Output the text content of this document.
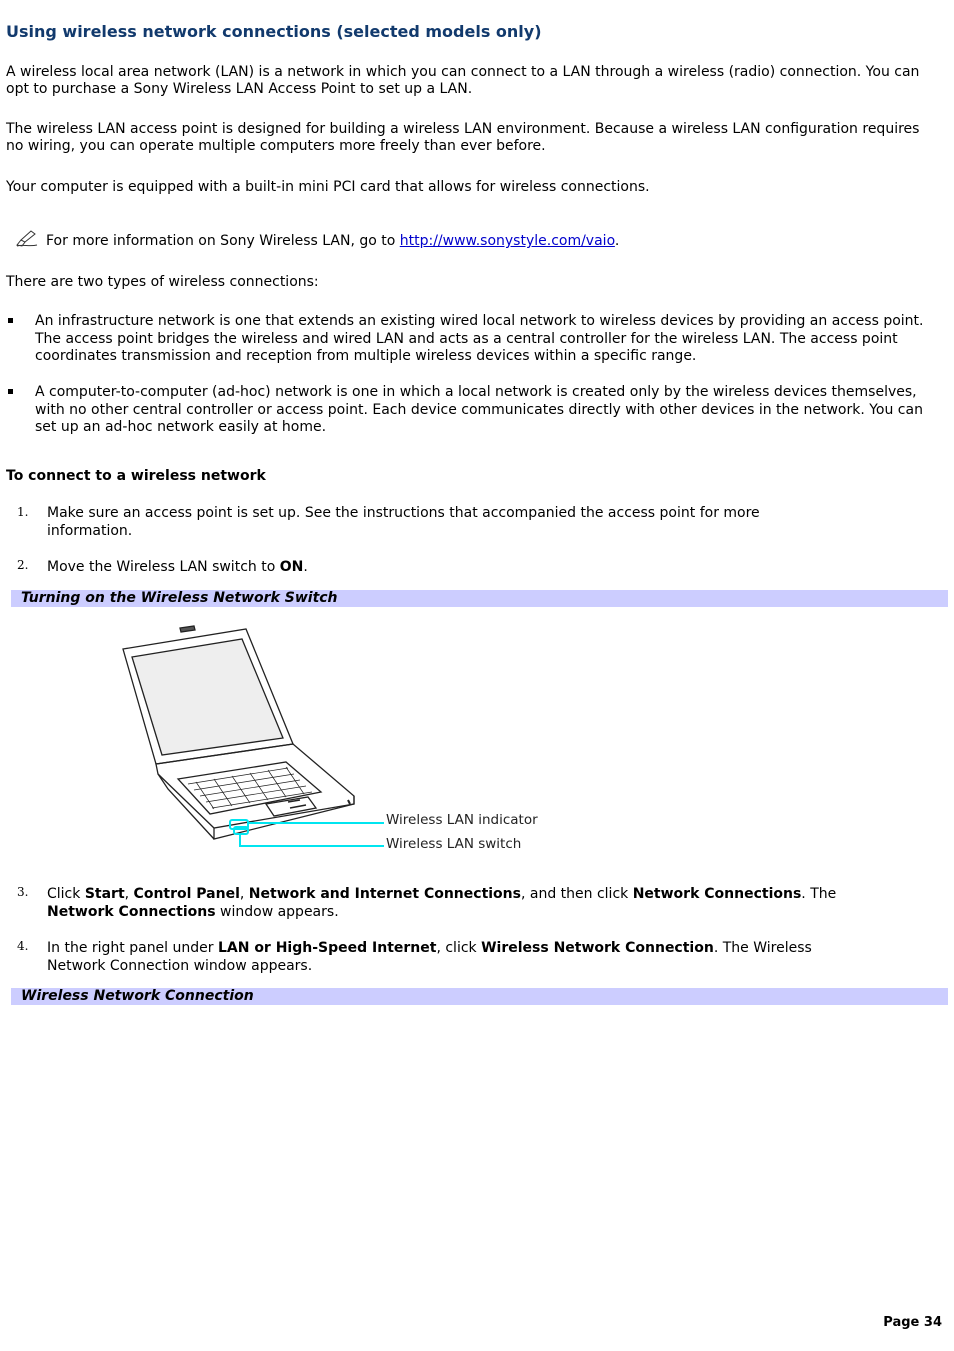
Using wireless network connections (selected models only)

A wireless local area network (LAN) is a network in which you can connect to a LAN through a wireless (radio) connection. You can opt to purchase a Sony Wireless LAN Access Point to set up a LAN.

The wireless LAN access point is designed for building a wireless LAN environment. Because a wireless LAN configuration requires no wiring, you can operate multiple computers more freely than ever before.

Your computer is equipped with a built-in mini PCI card that allows for wireless connections.

For more information on Sony Wireless LAN, go to http://www.sonystyle.com/vaio.

There are two types of wireless connections:

An infrastructure network is one that extends an existing wired local network to wireless devices by providing an access point. The access point bridges the wireless and wired LAN and acts as a central controller for the wireless LAN. The access point coordinates transmission and reception from multiple wireless devices within a specific range.

A computer-to-computer (ad-hoc) network is one in which a local network is created only by the wireless devices themselves, with no other central controller or access point. Each device communicates directly with other devices in the network. You can set up an ad-hoc network easily at home.

To connect to a wireless network

1. Make sure an access point is set up. See the instructions that accompanied the access point for more information.

2. Move the Wireless LAN switch to ON.

Turning on the Wireless Network Switch
Wireless LAN indicator
Wireless LAN switch
3. Click Start, Control Panel, Network and Internet Connections, and then click Network Connections. The Network Connections window appears.

4. In the right panel under LAN or High-Speed Internet, click Wireless Network Connection. The Wireless Network Connection window appears.

Wireless Network Connection
Page 34
